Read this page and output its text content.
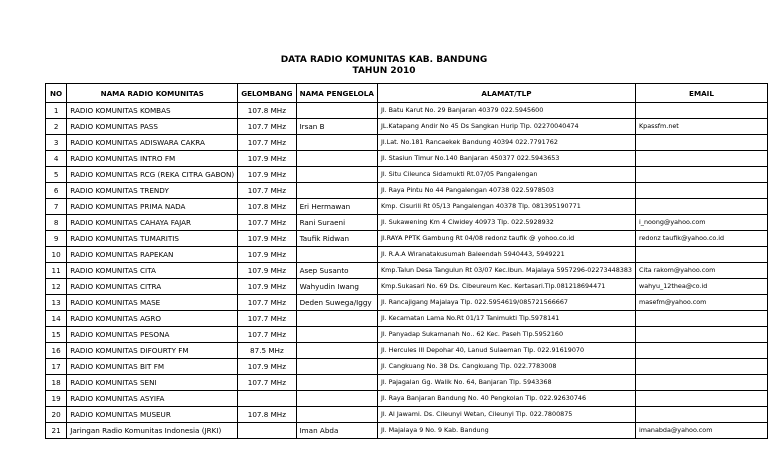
DATA RADIO KOMUNITAS KAB. BANDUNG
TAHUN 2010
NO	NAMA RADIO KOMUNITAS	GELOMBANG	NAMA PENGELOLA	ALAMAT/TLP	EMAIL
1	RADIO KOMUNITAS KOMBAS	107.8 MHz		Jl. Batu Karut No. 29 Banjaran 40379 022.5945600	
2	RADIO KOMUNITAS PASS	107.7 MHz	Irsan B	JL.Katapang Andir No 45 Ds Sangkan Hurip Tlp. 02270040474	Kpassfm.net
3	RADIO KOMUNITAS ADISWARA CAKRA	107.7 MHz		Jl.Lat. No.181 Rancaekek Bandung 40394 022.7791762	
4	RADIO KOMUNITAS INTRO FM	107.9 MHz		Jl. Stasiun Timur No.140 Banjaran 450377 022.5943653	
5	RADIO KOMUNITAS RCG (REKA CITRA GABON)	107.9 MHz		Jl. Situ Cileunca Sidamukti Rt.07/05 Pangalengan	
6	RADIO KOMUNITAS TRENDY	107.7 MHz		Jl. Raya Pintu No 44 Pangalengan 40738 022.5978503	
7	RADIO KOMUNITAS PRIMA NADA	107.8 MHz	Eri Hermawan	Kmp. Cisurili Rt 05/13 Pangalengan 40378 Tlp. 081395190771	
8	RADIO KOMUNITAS CAHAYA FAJAR	107.7 MHz	Rani Suraeni	Jl. Sukawening Km 4 Ciwidey 40973 Tlp. 022.5928932	i_noong@yahoo.com
9	RADIO KOMUNITAS TUMARITIS	107.9 MHz	Taufik Ridwan	Jl.RAYA PPTK Gambung Rt 04/08 redonz taufik @ yohoo.co.id	redonz taufik@yahoo.co.id
10	RADIO KOMUNITAS RAPEKAN	107.9 MHz		Jl. R.A.A Wiranatakusumah Baleendah 5940443, 5949221	
11	RADIO KOMUNITAS CITA	107.9 MHz	Asep Susanto	Kmp.Talun Desa Tangulun Rt 03/07 Kec.Ibun. Majalaya 5957296-02273448383	Cita rakom@yahoo.com
12	RADIO KOMUNITAS CITRA	107.9 MHz	Wahyudin Iwang	Kmp.Sukasari No. 69 Ds. Cibeureum Kec. Kertasari.Tlp.081218694471	wahyu_12thea@co.id
13	RADIO KOMUNITAS MASE	107.7 MHz	Deden Suwega/Iggy	Jl. Rancajigang Majalaya Tlp. 022.5954619/085721566667	masefm@yahoo.com
14	RADIO KOMUNITAS AGRO	107.7 MHz		Jl. Kecamatan Lama No.Rt 01/17 Tanimukti Tlp.5978141	
15	RADIO KOMUNITAS PESONA	107.7 MHz		Jl. Panyadap Sukamanah No.. 62 Kec. Paseh Tlp.5952160	
16	RADIO KOMUNITAS DIFOURTY FM	87.5 MHz		Jl. Hercules III Depohar 40, Lanud Sulaeman Tlp. 022.91619070	
17	RADIO KOMUNITAS BIT FM	107.9 MHz		Jl. Cangkuang No. 38 Ds. Cangkuang Tlp. 022.7783008	
18	RADIO KOMUNITAS SENI	107.7 MHz		Jl. Pajagalan Gg. Walik No. 64, Banjaran Tlp. 5943368	
19	RADIO KOMUNITAS ASYIFA			Jl. Raya Banjaran Bandung No. 40 Pengkolan Tlp. 022.92630746	
20	RADIO KOMUNITAS MUSEUR	107.8 MHz		Jl. Al Jawami. Ds. Cileunyi Wetan, Cileunyi Tlp. 022.7800875	
21	Jaringan Radio Komunitas Indonesia (JRKI)		Iman Abda	Jl. Majalaya 9 No. 9 Kab. Bandung	imanabda@yahoo.com
